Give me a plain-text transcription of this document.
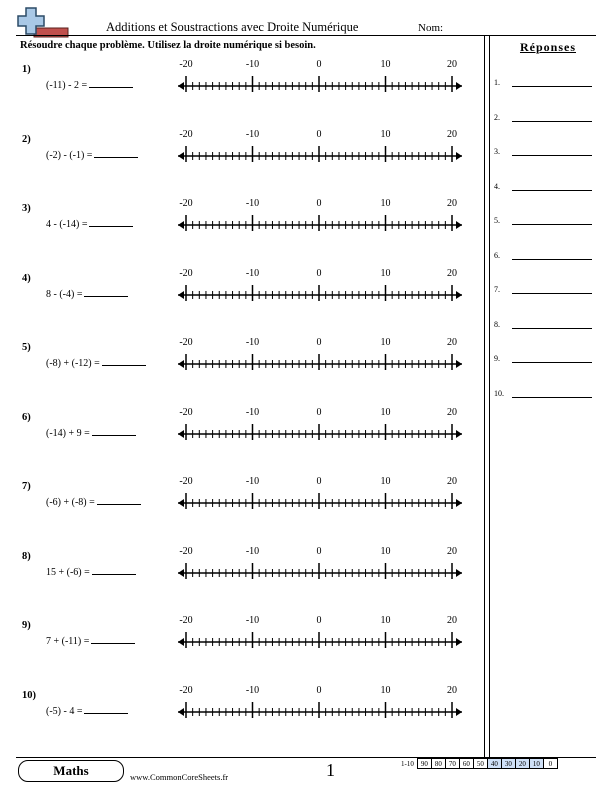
Additions et Soustractions avec Droite Numérique	Nom:
Résoudre chaque problème. Utilisez la droite numérique si besoin.	Réponses
1)
(-11) - 2 =
-20	-10	0	10	20
2)
(-2) - (-1) =
-20	-10	0	10	20
3)
4 - (-14) =
-20	-10	0	10	20
4)
8 - (-4) =
-20	-10	0	10	20
5)
(-8) + (-12) =
-20	-10	0	10	20
6)
(-14) + 9 =
-20	-10	0	10	20
7)
(-6) + (-8) =
-20	-10	0	10	20
8)
15 + (-6) =
-20	-10	0	10	20
9)
7 + (-11) =
-20	-10	0	10	20
10)
(-5) - 4 =
-20	-10	0	10	20
1.
2.
3.
4.
5.
6.
7.
8.
9.
10.
Maths	www.CommonCoreSheets.fr	1	1-10	90	80	70	60	50	40	30	20	10	0
